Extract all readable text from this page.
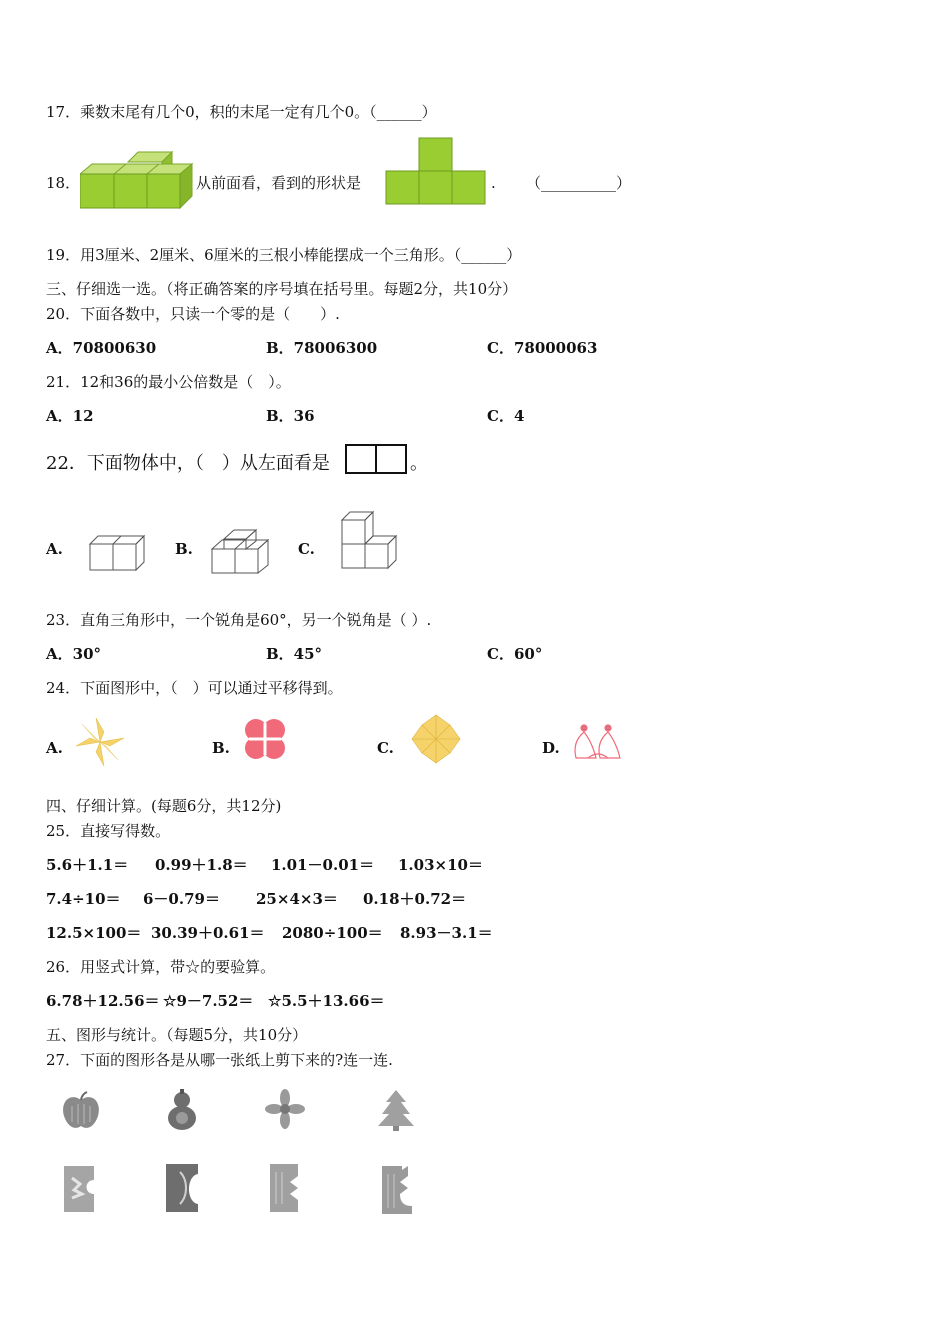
17．乘数末尾有几个0，积的末尾一定有几个0。（______）
18．	从前面看，看到的形状是	. （__________）
19．用3厘米、2厘米、6厘米的三根小棒能摆成一个三角形。（______）
三、仔细选一选。（将正确答案的序号填在括号里。每题2分，共10分）
20．下面各数中，只读一个零的是（　　）.
A．70800630	B．78006300	C．78000063
21．12和36的最小公倍数是（　）。
A．12	B．36	C．4
22．下面物体中，（　）从左面看是	。
A.	B.	C.
23．直角三角形中，一个锐角是60°，另一个锐角是（ ）.
A．30°	B．45°	C．60°
24．下面图形中，（　）可以通过平移得到。
A.	B.	C.	D.
四、仔细计算。(每题6分，共12分)
25．直接写得数。
5.6＋1.1＝ 0.99＋1.8＝ 1.01－0.01＝ 1.03×10＝
7.4÷10＝ 6－0.79＝ 25×4×3＝ 0.18＋0.72＝
12.5×100＝ 30.39＋0.61＝ 2080÷100＝ 8.93－3.1＝
26．用竖式计算，带☆的要验算。
6.78＋12.56＝ ☆9－7.52＝ ☆5.5＋13.66＝
五、图形与统计。（每题5分，共10分）
27．下面的图形各是从哪一张纸上剪下来的?连一连.
